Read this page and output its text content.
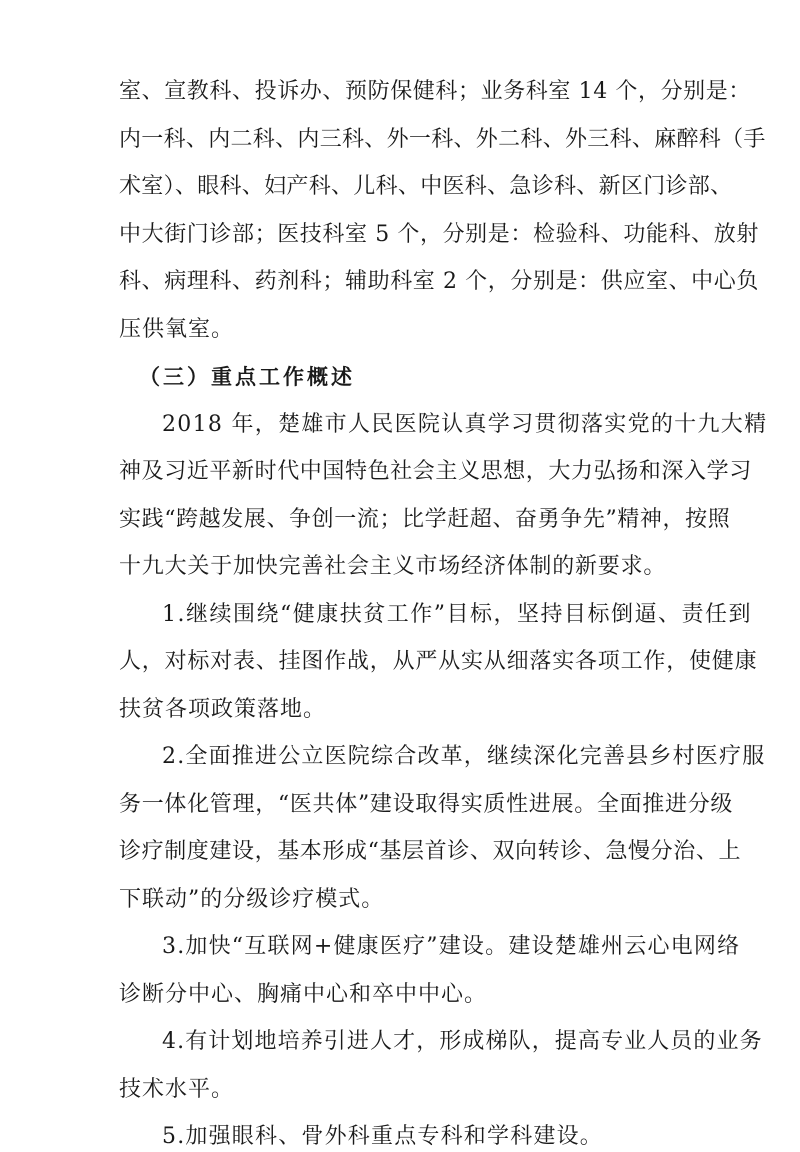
室、宣教科、投诉办、预防保健科；业务科室 14 个，分别是：
内一科、内二科、内三科、外一科、外二科、外三科、麻醉科（手
术室）、眼科、妇产科、儿科、中医科、急诊科、新区门诊部、
中大街门诊部；医技科室 5 个，分别是：检验科、功能科、放射
科、病理科、药剂科；辅助科室 2 个，分别是：供应室、中心负
压供氧室。
（三）重点工作概述
2018 年，楚雄市人民医院认真学习贯彻落实党的十九大精
神及习近平新时代中国特色社会主义思想，大力弘扬和深入学习
实践“跨越发展、争创一流；比学赶超、奋勇争先”精神，按照
十九大关于加快完善社会主义市场经济体制的新要求。
1.继续围绕“健康扶贫工作”目标，坚持目标倒逼、责任到
人，对标对表、挂图作战，从严从实从细落实各项工作，使健康
扶贫各项政策落地。
2.全面推进公立医院综合改革，继续深化完善县乡村医疗服
务一体化管理，“医共体”建设取得实质性进展。全面推进分级
诊疗制度建设，基本形成“基层首诊、双向转诊、急慢分治、上
下联动”的分级诊疗模式。
3.加快“互联网+健康医疗”建设。建设楚雄州云心电网络
诊断分中心、胸痛中心和卒中中心。
4.有计划地培养引进人才，形成梯队，提高专业人员的业务
技术水平。
5.加强眼科、骨外科重点专科和学科建设。
